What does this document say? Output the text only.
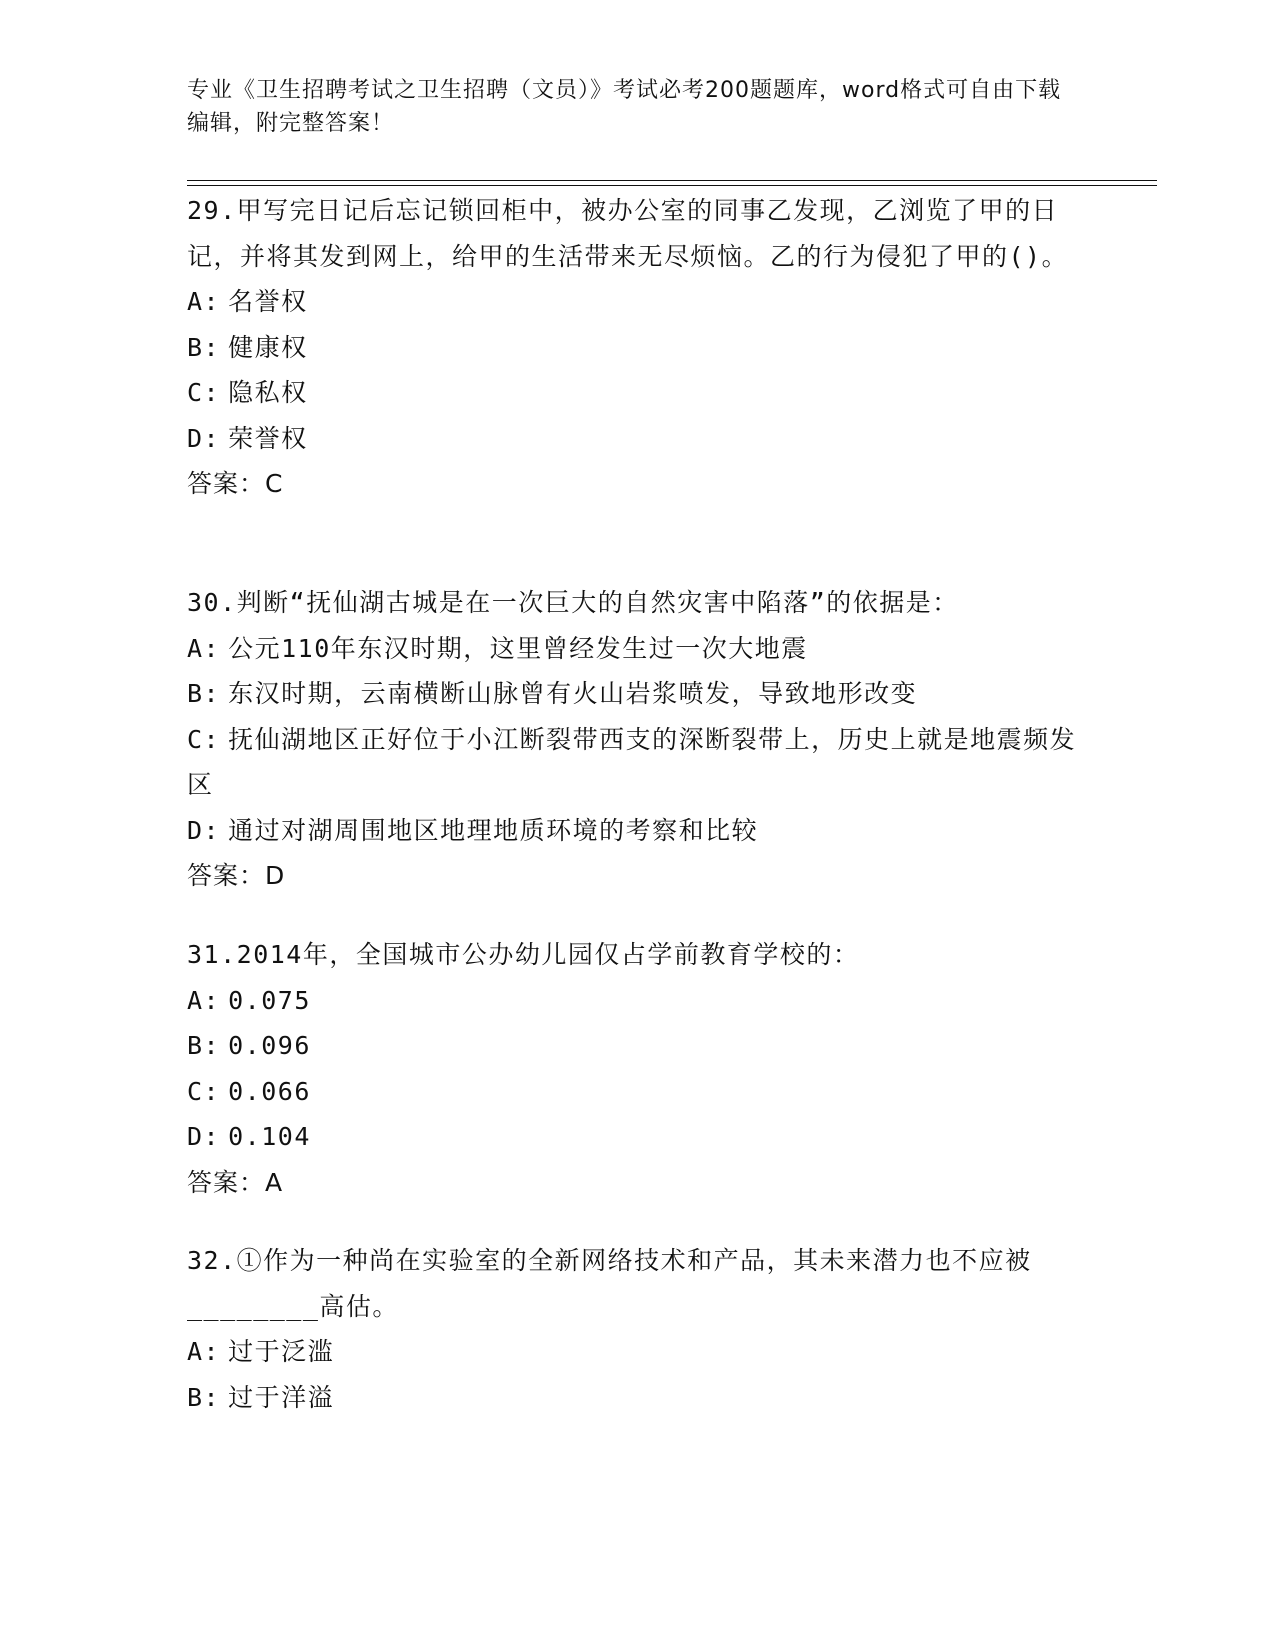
专业《卫生招聘考试之卫生招聘（文员）》考试必考200题题库，word格式可自由下载编辑，附完整答案！
29.甲写完日记后忘记锁回柜中，被办公室的同事乙发现，乙浏览了甲的日记，并将其发到网上，给甲的生活带来无尽烦恼。乙的行为侵犯了甲的()。
A: 名誉权
B: 健康权
C: 隐私权
D: 荣誉权
答案：C
30.判断“抚仙湖古城是在一次巨大的自然灾害中陷落”的依据是：
A: 公元110年东汉时期，这里曾经发生过一次大地震
B: 东汉时期，云南横断山脉曾有火山岩浆喷发，导致地形改变
C: 抚仙湖地区正好位于小江断裂带西支的深断裂带上，历史上就是地震频发区
D: 通过对湖周围地区地理地质环境的考察和比较
答案：D
31.2014年，全国城市公办幼儿园仅占学前教育学校的：
A: 0.075
B: 0.096
C: 0.066
D: 0.104
答案：A
32.①作为一种尚在实验室的全新网络技术和产品，其未来潜力也不应被________高估。
A: 过于泛滥
B: 过于洋溢
